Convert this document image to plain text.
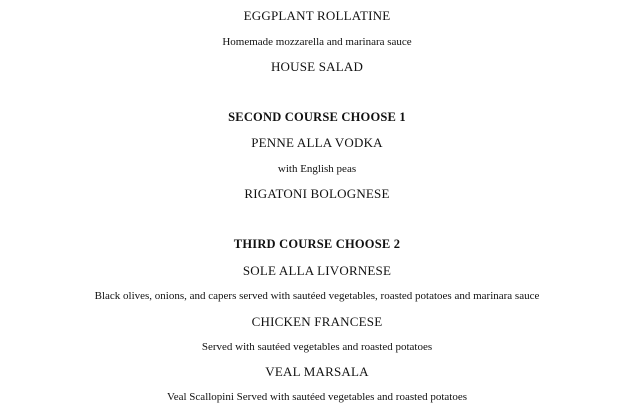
EGGPLANT ROLLATINE
Homemade mozzarella and marinara sauce
HOUSE SALAD
SECOND COURSE CHOOSE 1
PENNE ALLA VODKA
with English peas
RIGATONI BOLOGNESE
THIRD COURSE CHOOSE 2
SOLE ALLA LIVORNESE
Black olives, onions, and capers served with sautéed vegetables, roasted potatoes and marinara sauce
CHICKEN FRANCESE
Served with sautéed vegetables and roasted potatoes
VEAL MARSALA
Veal Scallopini Served with sautéed vegetables and roasted potatoes
